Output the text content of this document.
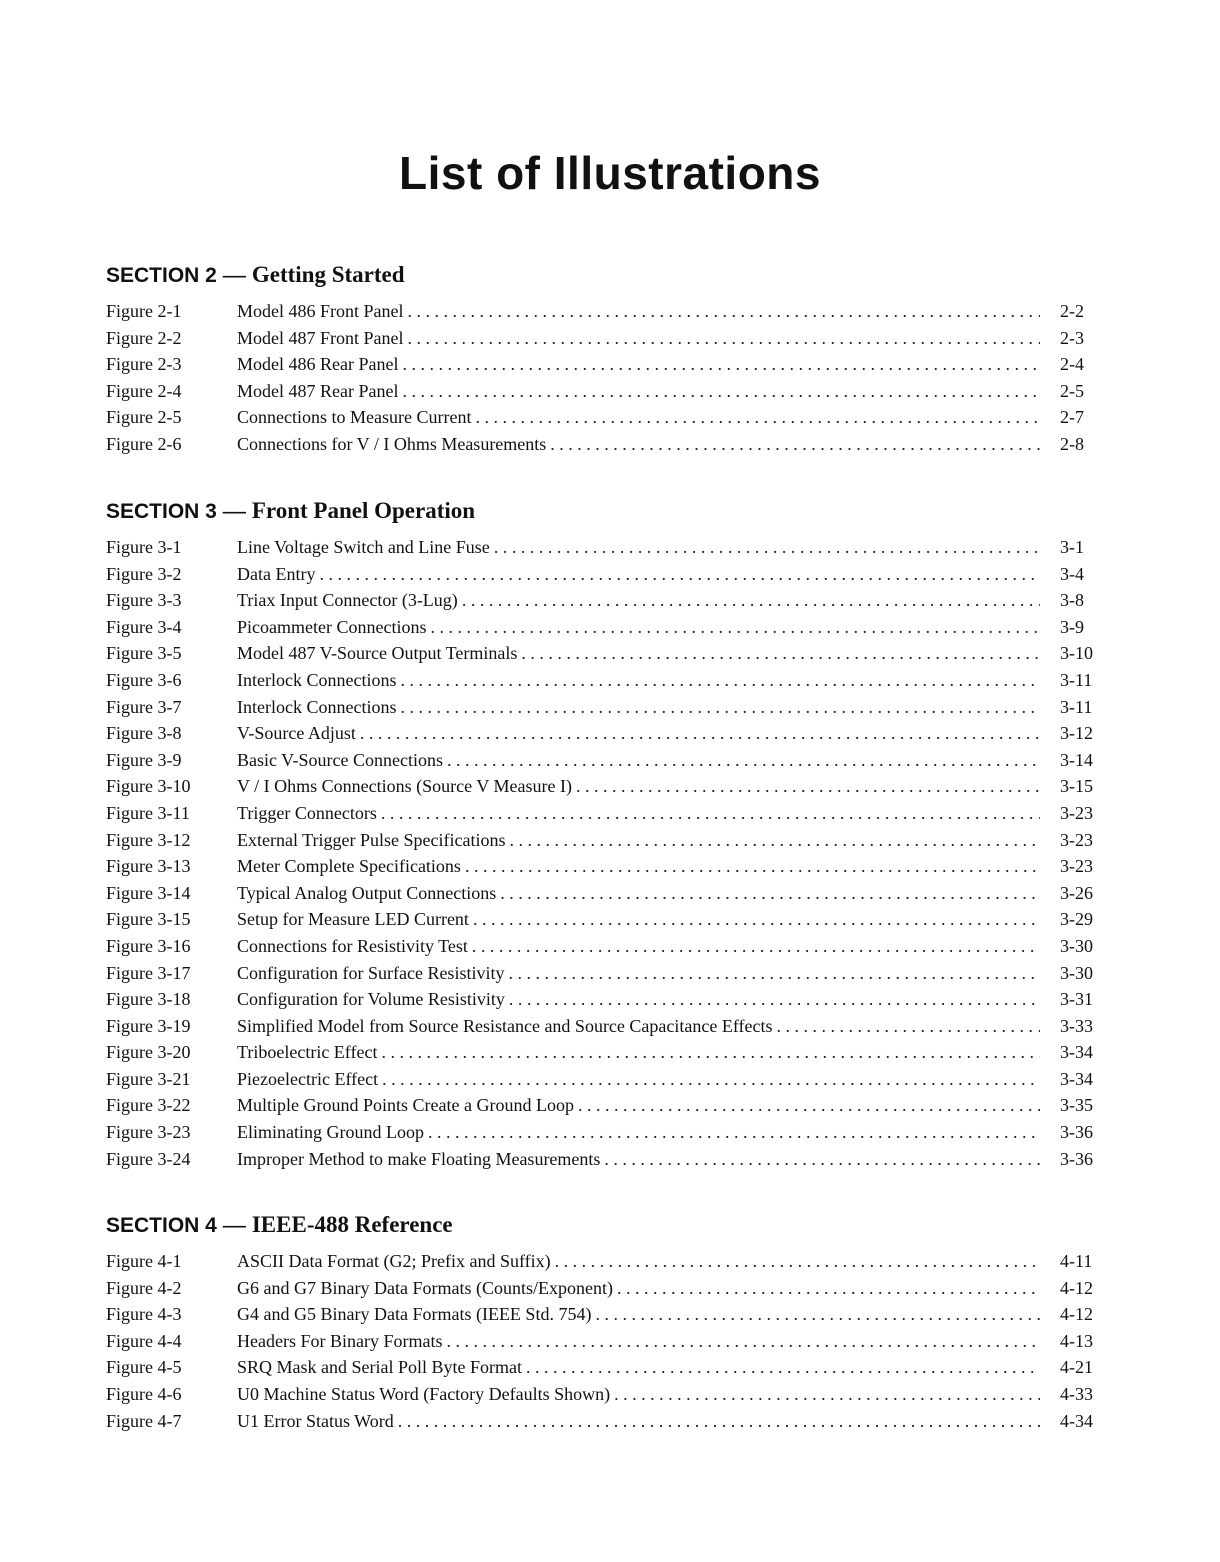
List of Illustrations
SECTION 2 — Getting Started
Figure 2-1	Model 486 Front Panel . . .	2-2
Figure 2-2	Model 487 Front Panel . . .	2-3
Figure 2-3	Model 486 Rear Panel . . .	2-4
Figure 2-4	Model 487 Rear Panel . . .	2-5
Figure 2-5	Connections to Measure Current . . .	2-7
Figure 2-6	Connections for V / I Ohms Measurements . . .	2-8
SECTION 3 — Front Panel Operation
Figure 3-1	Line Voltage Switch and Line Fuse . . .	3-1
Figure 3-2	Data Entry . . .	3-4
Figure 3-3	Triax Input Connector (3-Lug) . . .	3-8
Figure 3-4	Picoammeter Connections . . .	3-9
Figure 3-5	Model 487 V-Source Output Terminals . . .	3-10
Figure 3-6	Interlock Connections . . .	3-11
Figure 3-7	Interlock Connections . . .	3-11
Figure 3-8	V-Source Adjust . . .	3-12
Figure 3-9	Basic V-Source Connections . . .	3-14
Figure 3-10	V / I Ohms Connections (Source V Measure I) . . .	3-15
Figure 3-11	Trigger Connectors . . .	3-23
Figure 3-12	External Trigger Pulse Specifications . . .	3-23
Figure 3-13	Meter Complete Specifications . . .	3-23
Figure 3-14	Typical Analog Output Connections . . .	3-26
Figure 3-15	Setup for Measure LED Current . . .	3-29
Figure 3-16	Connections for Resistivity Test . . .	3-30
Figure 3-17	Configuration for Surface Resistivity . . .	3-30
Figure 3-18	Configuration for Volume Resistivity . . .	3-31
Figure 3-19	Simplified Model from Source Resistance and Source Capacitance Effects . . .	3-33
Figure 3-20	Triboelectric Effect . . .	3-34
Figure 3-21	Piezoelectric Effect . . .	3-34
Figure 3-22	Multiple Ground Points Create a Ground Loop . . .	3-35
Figure 3-23	Eliminating Ground Loop . . .	3-36
Figure 3-24	Improper Method to make Floating Measurements . . .	3-36
SECTION 4 — IEEE-488 Reference
Figure 4-1	ASCII Data Format (G2; Prefix and Suffix) . . .	4-11
Figure 4-2	G6 and G7 Binary Data Formats (Counts/Exponent) . . .	4-12
Figure 4-3	G4 and G5 Binary Data Formats (IEEE Std. 754) . . .	4-12
Figure 4-4	Headers For Binary Formats . . .	4-13
Figure 4-5	SRQ Mask and Serial Poll Byte Format . . .	4-21
Figure 4-6	U0 Machine Status Word (Factory Defaults Shown) . . .	4-33
Figure 4-7	U1 Error Status Word . . .	4-34
